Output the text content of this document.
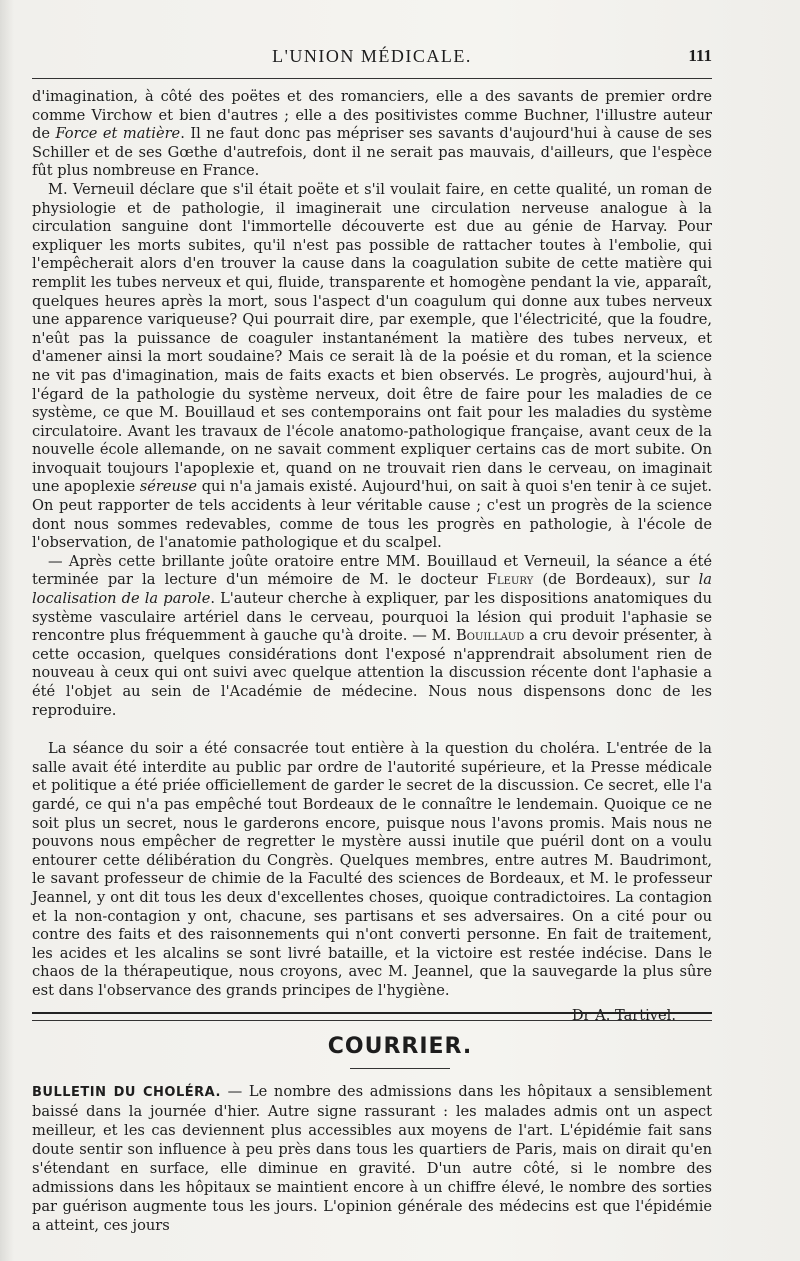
L'UNION MÉDICALE.	111

d'imagination, à côté des poëtes et des romanciers, elle a des savants de premier ordre comme Virchow et bien d'autres ; elle a des positivistes comme Buchner, l'illustre auteur de Force et matière. Il ne faut donc pas mépriser ses savants d'aujourd'hui à cause de ses Schiller et de ses Gœthe d'autrefois, dont il ne serait pas mauvais, d'ailleurs, que l'espèce fût plus nombreuse en France.

M. Verneuil déclare que s'il était poëte et s'il voulait faire, en cette qualité, un roman de physiologie et de pathologie, il imaginerait une circulation nerveuse analogue à la circulation sanguine dont l'immortelle découverte est due au génie de Harvay. Pour expliquer les morts subites, qu'il n'est pas possible de rattacher toutes à l'embolie, qui l'empêcherait alors d'en trouver la cause dans la coagulation subite de cette matière qui remplit les tubes nerveux et qui, fluide, transparente et homogène pendant la vie, apparaît, quelques heures après la mort, sous l'aspect d'un coagulum qui donne aux tubes nerveux une apparence variqueuse? Qui pourrait dire, par exemple, que l'électricité, que la foudre, n'eût pas la puissance de coaguler instantanément la matière des tubes nerveux, et d'amener ainsi la mort soudaine? Mais ce serait là de la poésie et du roman, et la science ne vit pas d'imagination, mais de faits exacts et bien observés. Le progrès, aujourd'hui, à l'égard de la pathologie du système nerveux, doit être de faire pour les maladies de ce système, ce que M. Bouillaud et ses contemporains ont fait pour les maladies du système circulatoire. Avant les travaux de l'école anatomo-pathologique française, avant ceux de la nouvelle école allemande, on ne savait comment expliquer certains cas de mort subite. On invoquait toujours l'apoplexie et, quand on ne trouvait rien dans le cerveau, on imaginait une apoplexie séreuse qui n'a jamais existé. Aujourd'hui, on sait à quoi s'en tenir à ce sujet. On peut rapporter de tels accidents à leur véritable cause ; c'est un progrès de la science dont nous sommes redevables, comme de tous les progrès en pathologie, à l'école de l'observation, de l'anatomie pathologique et du scalpel.

— Après cette brillante joûte oratoire entre MM. Bouillaud et Verneuil, la séance a été terminée par la lecture d'un mémoire de M. le docteur Fleury (de Bordeaux), sur la localisation de la parole. L'auteur cherche à expliquer, par les dispositions anatomiques du système vasculaire artériel dans le cerveau, pourquoi la lésion qui produit l'aphasie se rencontre plus fréquemment à gauche qu'à droite. — M. Bouillaud a cru devoir présenter, à cette occasion, quelques considérations dont l'exposé n'apprendrait absolument rien de nouveau à ceux qui ont suivi avec quelque attention la discussion récente dont l'aphasie a été l'objet au sein de l'Académie de médecine. Nous nous dispensons donc de les reproduire.

La séance du soir a été consacrée tout entière à la question du choléra. L'entrée de la salle avait été interdite au public par ordre de l'autorité supérieure, et la Presse médicale et politique a été priée officiellement de garder le secret de la discussion. Ce secret, elle l'a gardé, ce qui n'a pas empêché tout Bordeaux de le connaître le lendemain. Quoique ce ne soit plus un secret, nous le garderons encore, puisque nous l'avons promis. Mais nous ne pouvons nous empêcher de regretter le mystère aussi inutile que puéril dont on a voulu entourer cette délibération du Congrès. Quelques membres, entre autres M. Baudrimont, le savant professeur de chimie de la Faculté des sciences de Bordeaux, et M. le professeur Jeannel, y ont dit tous les deux d'excellentes choses, quoique contradictoires. La contagion et la non-contagion y ont, chacune, ses partisans et ses adversaires. On a cité pour ou contre des faits et des raisonnements qui n'ont converti personne. En fait de traitement, les acides et les alcalins se sont livré bataille, et la victoire est restée indécise. Dans le chaos de la thérapeutique, nous croyons, avec M. Jeannel, que la sauvegarde la plus sûre est dans l'observance des grands principes de l'hygiène.

Dr A. Tartivel.
COURRIER.
BULLETIN DU CHOLÉRA. — Le nombre des admissions dans les hôpitaux a sensiblement baissé dans la journée d'hier. Autre signe rassurant : les malades admis ont un aspect meilleur, et les cas deviennent plus accessibles aux moyens de l'art. L'épidémie fait sans doute sentir son influence à peu près dans tous les quartiers de Paris, mais on dirait qu'en s'étendant en surface, elle diminue en gravité. D'un autre côté, si le nombre des admissions dans les hôpitaux se maintient encore à un chiffre élevé, le nombre des sorties par guérison augmente tous les jours. L'opinion générale des médecins est que l'épidémie a atteint, ces jours
